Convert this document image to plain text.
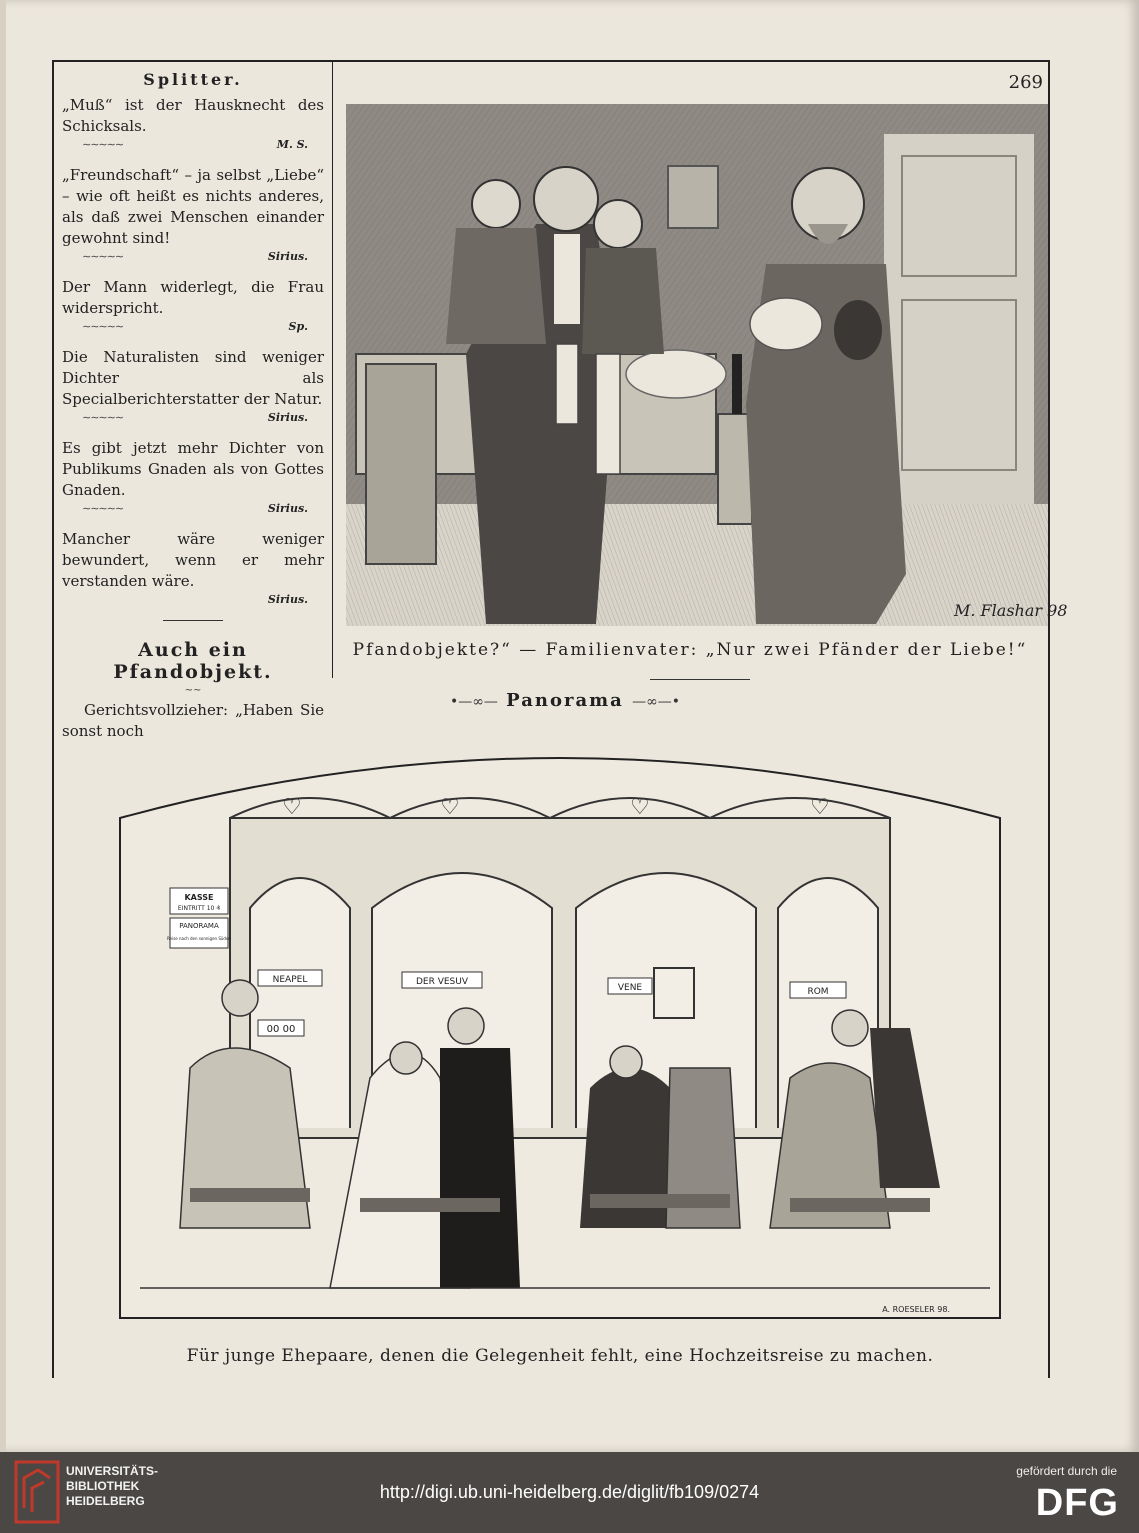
269
Splitter.

„Muß“ ist der Hausknecht des Schicksals.

∼∼∼∼∼	M. S.

„Freundschaft“ – ja selbst „Liebe“ – wie oft heißt es nichts anderes, als daß zwei Menschen einander gewohnt sind!

∼∼∼∼∼	Sirius.

Der Mann widerlegt, die Frau widerspricht.

∼∼∼∼∼	Sp.

Die Naturalisten sind weniger Dichter als Specialberichterstatter der Natur.

∼∼∼∼∼	Sirius.

Es gibt jetzt mehr Dichter von Publikums Gnaden als von Gottes Gnaden.

∼∼∼∼∼	Sirius.

Mancher wäre weniger bewundert, wenn er mehr verstanden wäre.

Sirius.
Auch ein Pfandobjekt.
∼∼

Gerichtsvollzieher: „Haben Sie sonst noch

M. Flashar 98
Pfandobjekte?“ — Familienvater: „Nur zwei Pfänder der Liebe!“
•—∞— Panorama —∞—•
♡	♡	♡	♡
NEAPEL	DER VESUV
VENE	ROM
00 00
KASSE
EINTRITT 10 ₰
PANORAMA
Reise nach den sonnigen Süden
A. ROESELER 98.
Für junge Ehepaare, denen die Gelegenheit fehlt, eine Hochzeitsreise zu machen.
UNIVERSITÄTS-
BIBLIOTHEK
HEIDELBERG	http://digi.ub.uni-heidelberg.de/diglit/fb109/0274
gefördert durch die
DFG
